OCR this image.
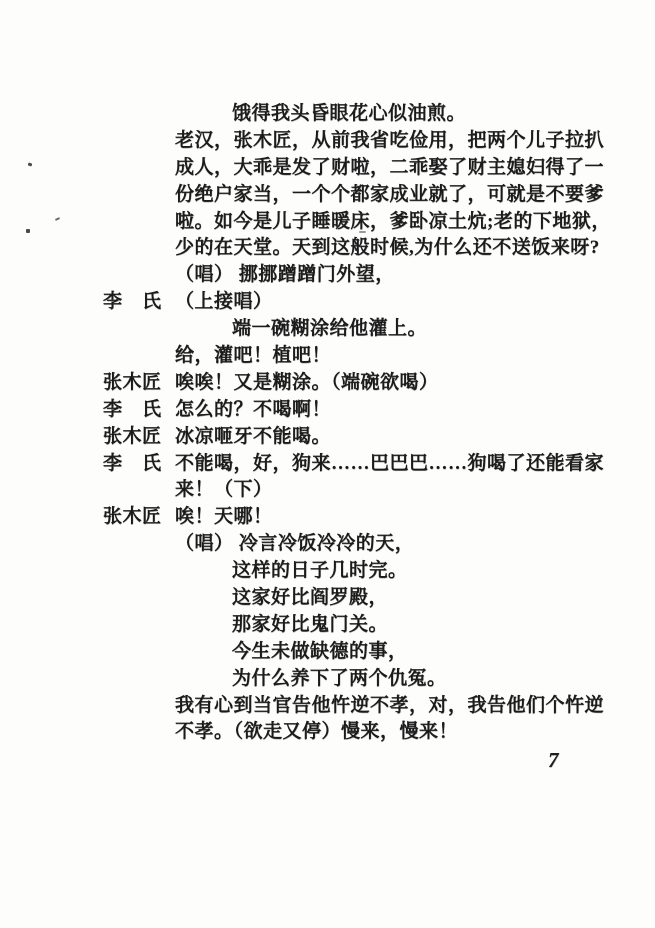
饿得我头昏眼花心似油煎。
老汉，张木匠，从前我省吃俭用，把两个儿子拉扒
成人，大乖是发了财啦，二乖娶了财主媳妇得了一
份绝户家当，一个个都家成业就了，可就是不要爹
啦。如今是儿子睡暖床，爹卧凉土炕;老的下地狱，
少的在天堂。天到这般时候,为什么还不送饭来呀?
（唱） 挪挪蹭蹭门外望，
李　氏 （上接唱）
端一碗糊涂给他灌上。
给，灌吧！植吧！
张木匠 唉唉！又是糊涂。（端碗欲喝）
李　氏 怎么的？不喝啊！
张木匠 冰凉咂牙不能喝。
李　氏 不能喝，好，狗来……巴巴巴……狗喝了还能看家
来！（下）
张木匠 唉！天哪！
（唱） 冷言冷饭冷冷的天，
这样的日子几时完。
这家好比阎罗殿，
那家好比鬼门关。
今生未做缺德的事，
为什么养下了两个仇冤。
我有心到当官告他忤逆不孝，对，我告他们个忤逆
不孝。（欲走又停）慢来，慢来！
7
